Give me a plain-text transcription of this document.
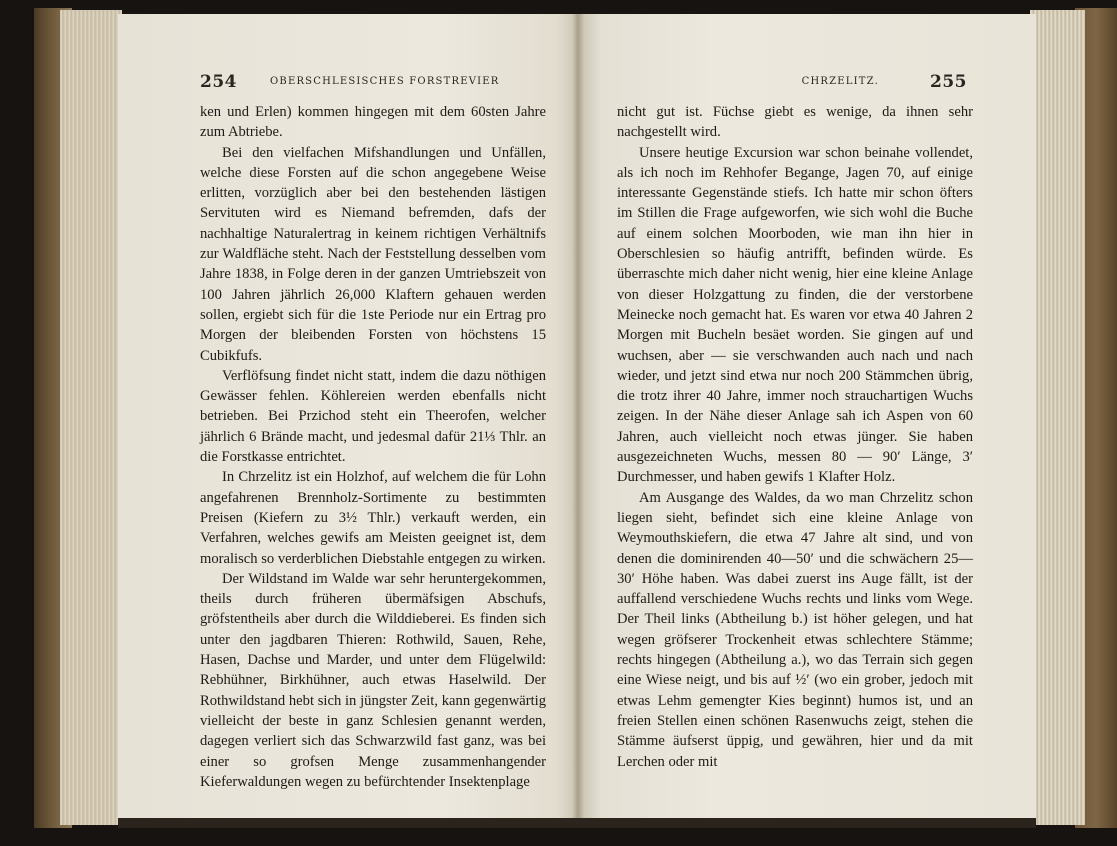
254	OBERSCHLESISCHES FORSTREVIER	CHRZELITZ.	255

ken und Erlen) kommen hingegen mit dem 60sten Jahre zum Abtriebe.

Bei den vielfachen Mifshandlungen und Unfällen, welche diese Forsten auf die schon angegebene Weise erlitten, vorzüglich aber bei den bestehenden lästigen Servituten wird es Niemand befremden, dafs der nachhaltige Naturalertrag in keinem richtigen Verhältnifs zur Waldfläche steht. Nach der Feststellung desselben vom Jahre 1838, in Folge deren in der ganzen Umtriebszeit von 100 Jahren jährlich 26,000 Klaftern gehauen werden sollen, ergiebt sich für die 1ste Periode nur ein Ertrag pro Morgen der bleibenden Forsten von höchstens 15 Cubikfufs.

Verflöfsung findet nicht statt, indem die dazu nöthigen Gewässer fehlen. Köhlereien werden ebenfalls nicht betrieben. Bei Przichod steht ein Theerofen, welcher jährlich 6 Brände macht, und jedesmal dafür 21⅓ Thlr. an die Forstkasse entrichtet.

In Chrzelitz ist ein Holzhof, auf welchem die für Lohn angefahrenen Brennholz-Sortimente zu bestimmten Preisen (Kiefern zu 3½ Thlr.) verkauft werden, ein Verfahren, welches gewifs am Meisten geeignet ist, dem moralisch so verderblichen Diebstahle entgegen zu wirken.

Der Wildstand im Walde war sehr heruntergekommen, theils durch früheren übermäfsigen Abschufs, gröfstentheils aber durch die Wilddieberei. Es finden sich unter den jagdbaren Thieren: Rothwild, Sauen, Rehe, Hasen, Dachse und Marder, und unter dem Flügelwild: Rebhühner, Birkhühner, auch etwas Haselwild. Der Rothwildstand hebt sich in jüngster Zeit, kann gegenwärtig vielleicht der beste in ganz Schlesien genannt werden, dagegen verliert sich das Schwarzwild fast ganz, was bei einer so grofsen Menge zusammenhangender Kieferwaldungen wegen zu befürchtender Insektenplage

nicht gut ist. Füchse giebt es wenige, da ihnen sehr nachgestellt wird.

Unsere heutige Excursion war schon beinahe vollendet, als ich noch im Rehhofer Begange, Jagen 70, auf einige interessante Gegenstände stiefs. Ich hatte mir schon öfters im Stillen die Frage aufgeworfen, wie sich wohl die Buche auf einem solchen Moorboden, wie man ihn hier in Oberschlesien so häufig antrifft, befinden würde. Es überraschte mich daher nicht wenig, hier eine kleine Anlage von dieser Holzgattung zu finden, die der verstorbene Meinecke noch gemacht hat. Es waren vor etwa 40 Jahren 2 Morgen mit Bucheln besäet worden. Sie gingen auf und wuchsen, aber — sie verschwanden auch nach und nach wieder, und jetzt sind etwa nur noch 200 Stämmchen übrig, die trotz ihrer 40 Jahre, immer noch strauchartigen Wuchs zeigen. In der Nähe dieser Anlage sah ich Aspen von 60 Jahren, auch vielleicht noch etwas jünger. Sie haben ausgezeichneten Wuchs, messen 80 — 90′ Länge, 3′ Durchmesser, und haben gewifs 1 Klafter Holz.

Am Ausgange des Waldes, da wo man Chrzelitz schon liegen sieht, befindet sich eine kleine Anlage von Weymouthskiefern, die etwa 47 Jahre alt sind, und von denen die dominirenden 40—50′ und die schwächern 25—30′ Höhe haben. Was dabei zuerst ins Auge fällt, ist der auffallend verschiedene Wuchs rechts und links vom Wege. Der Theil links (Abtheilung b.) ist höher gelegen, und hat wegen gröfserer Trockenheit etwas schlechtere Stämme; rechts hingegen (Abtheilung a.), wo das Terrain sich gegen eine Wiese neigt, und bis auf ½′ (wo ein grober, jedoch mit etwas Lehm gemengter Kies beginnt) humos ist, und an freien Stellen einen schönen Rasenwuchs zeigt, stehen die Stämme äufserst üppig, und gewähren, hier und da mit Lerchen oder mit
